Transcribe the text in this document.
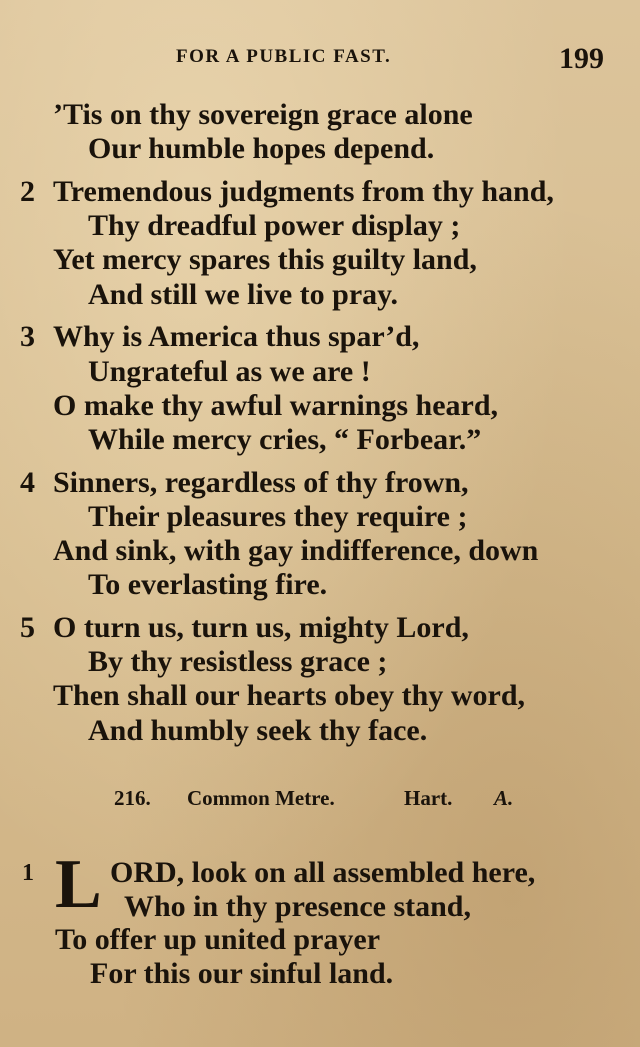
FOR A PUBLIC FAST.	199
’Tis on thy sovereign grace alone
Our humble hopes depend.
2 Tremendous judgments from thy hand,
Thy dreadful power display ;
Yet mercy spares this guilty land,
And still we live to pray.
3 Why is America thus spar’d,
Ungrateful as we are !
O make thy awful warnings heard,
While mercy cries, “ Forbear.”
4 Sinners, regardless of thy frown,
Their pleasures they require ;
And sink, with gay indifference, down
To everlasting fire.
5 O turn us, turn us, mighty Lord,
By thy resistless grace ;
Then shall our hearts obey thy word,
And humbly seek thy face.
216. Common Metre.	Hart. A.
L
1	ORD, look on all assembled here,
Who in thy presence stand,
To offer up united prayer
For this our sinful land.
